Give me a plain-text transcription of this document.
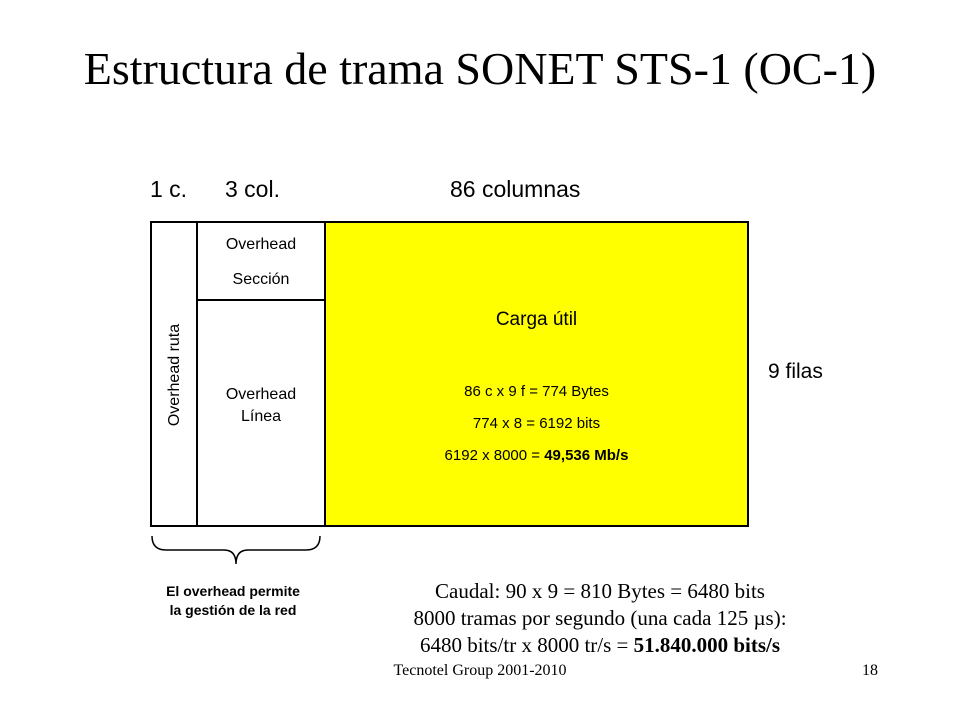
Estructura de trama SONET STS-1 (OC-1)
1 c. 3 col.	86 columnas
Overhead ruta
Overhead
Sección
Overhead
Línea
Carga útil
86 c x 9 f = 774 Bytes
774 x 8 = 6192 bits
6192 x 8000 = 49,536 Mb/s
9 filas
El overhead permite
la gestión de la red
Caudal: 90 x 9 = 810 Bytes = 6480 bits
8000 tramas por segundo (una cada 125 µs):
6480 bits/tr x 8000 tr/s = 51.840.000 bits/s
Tecnotel Group 2001-2010	18
